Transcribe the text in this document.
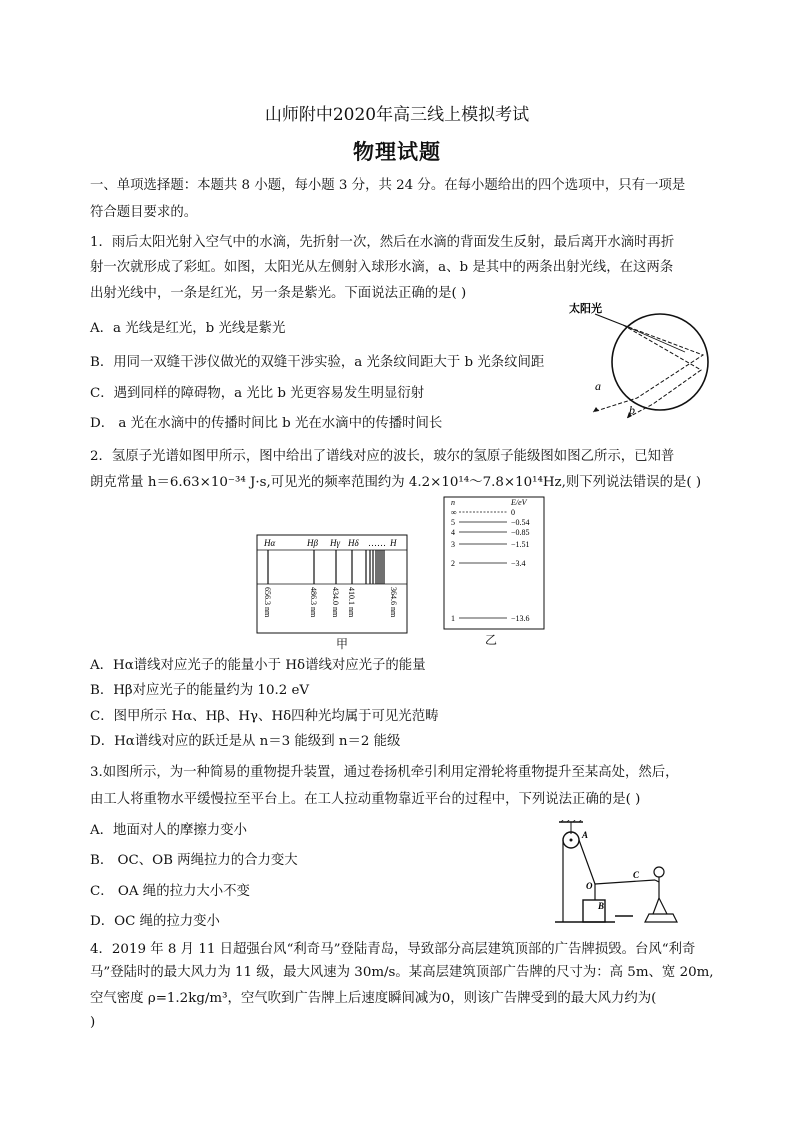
山师附中2020年高三线上模拟考试
物理试题
一、单项选择题：本题共 8 小题，每小题 3 分，共 24 分。在每小题给出的四个选项中，只有一项是
符合题目要求的。
1．雨后太阳光射入空气中的水滴，先折射一次，然后在水滴的背面发生反射，最后离开水滴时再折
射一次就形成了彩虹。如图，太阳光从左侧射入球形水滴，a、b 是其中的两条出射光线，在这两条
出射光线中，一条是红光，另一条是紫光。下面说法正确的是( )
A．a 光线是红光，b 光线是紫光
B．用同一双缝干涉仪做光的双缝干涉实验，a 光条纹间距大于 b 光条纹间距
C．遇到同样的障碍物，a 光比 b 光更容易发生明显衍射
D． a 光在水滴中的传播时间比 b 光在水滴中的传播时间长
太阳光
a
b
2．氢原子光谱如图甲所示，图中给出了谱线对应的波长，玻尔的氢原子能级图如图乙所示，已知普
朗克常量 h＝6.63×10⁻³⁴ J·s,可见光的频率范围约为 4.2×10¹⁴～7.8×10¹⁴Hz,则下列说法错误的是( )
Hα	Hβ Hγ Hδ …… H
656.3 nm	486.3 nm 434.0 nm 410.1 nm	364.6 nm
甲
n	E/eV
∞	0
5	−0.54
4	−0.85
3	−1.51
2	−3.4
1	−13.6
乙
A．Hα谱线对应光子的能量小于 Hδ谱线对应光子的能量
B．Hβ对应光子的能量约为 10.2 eV
C．图甲所示 Hα、Hβ、Hγ、Hδ四种光均属于可见光范畴
D．Hα谱线对应的跃迁是从 n＝3 能级到 n＝2 能级
3.如图所示，为一种简易的重物提升装置，通过卷扬机牵引利用定滑轮将重物提升至某高处，然后，
由工人将重物水平缓慢拉至平台上。在工人拉动重物靠近平台的过程中，下列说法正确的是( )
A．地面对人的摩擦力变小
B． OC、OB 两绳拉力的合力变大
C． OA 绳的拉力大小不变
D．OC 绳的拉力变小
A
O
B
C
4．2019 年 8 月 11 日超强台风“利奇马”登陆青岛，导致部分高层建筑顶部的广告牌损毁。台风“利奇
马”登陆时的最大风力为 11 级，最大风速为 30m/s。某高层建筑顶部广告牌的尺寸为：高 5m、宽 20m,
空气密度 ρ=1.2kg/m³，空气吹到广告牌上后速度瞬间减为0，则该广告牌受到的最大风力约为(
)
